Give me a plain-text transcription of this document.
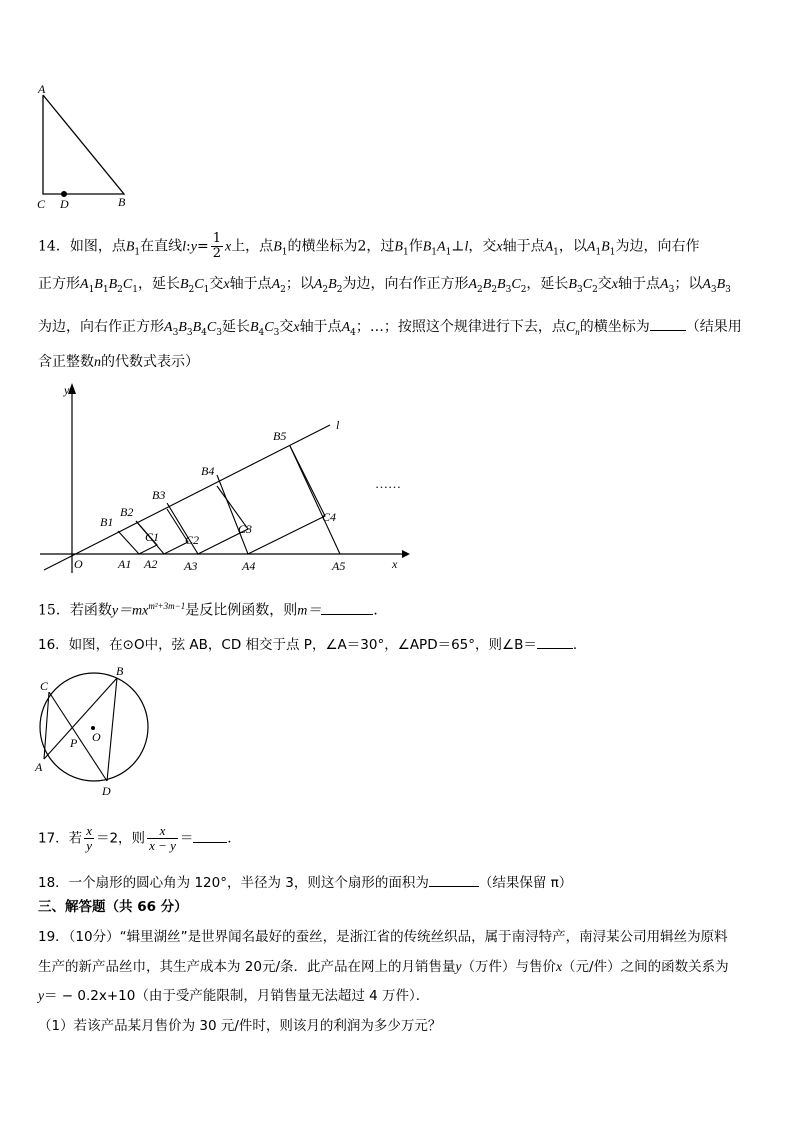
A
C D	B
14．如图，点$B_1$在直线l:y= $\frac{1}{2}$ x上，点$B_1$的横坐标为2，过$B_1$作$B_1A_1\perp l$，交x轴于点$A_1$，以$A_1B_1$为边，向右作
正方形$A_1B_1B_2C_1$，延长$B_2C_1$交x轴于点$A_2$；以$A_2B_2$为边，向右作正方形$A_2B_2B_3C_2$，延长$B_3C_2$交x轴于点$A_3$；以$A_3B_3$
为边，向右作正方形$A_3B_3B_4C_3$延长$B_4C_3$交x轴于点$A_4$；…；按照这个规律进行下去，点$C_n$的横坐标为	（结果用
含正整数n的代数式表示）
y
x
O
l
……
B1
B2
B3
B4
B5
C1 C2
C3
C4
A1 A2 A3	A4	A5
15．若函数$y=mx^{m^2+3m-1}$是反比例函数，则m＝	．
16．如图，在⊙O中，弦 AB，CD 相交于点 P，∠A＝30°，∠APD＝65°，则∠B＝	．
C
B
P O
A
D
17．若 $\frac{x}{y} =2$，则 $\frac{x}{x - y}$ ＝	．
18．一个扇形的圆心角为 120°，半径为 3，则这个扇形的面积为	（结果保留 π）
三、解答题（共 66 分）
19．（10分）“辑里湖丝”是世界闻名最好的蚕丝，是浙江省的传统丝织品，属于南浔特产，南浔某公司用辑丝为原料
生产的新产品丝巾，其生产成本为 20元/条．此产品在网上的月销售量y（万件）与售价x（元/件）之间的函数关系为
y＝ − 0.2x+10（由于受产能限制，月销售量无法超过 4 万件）．
（1）若该产品某月售价为 30 元/件时，则该月的利润为多少万元？
